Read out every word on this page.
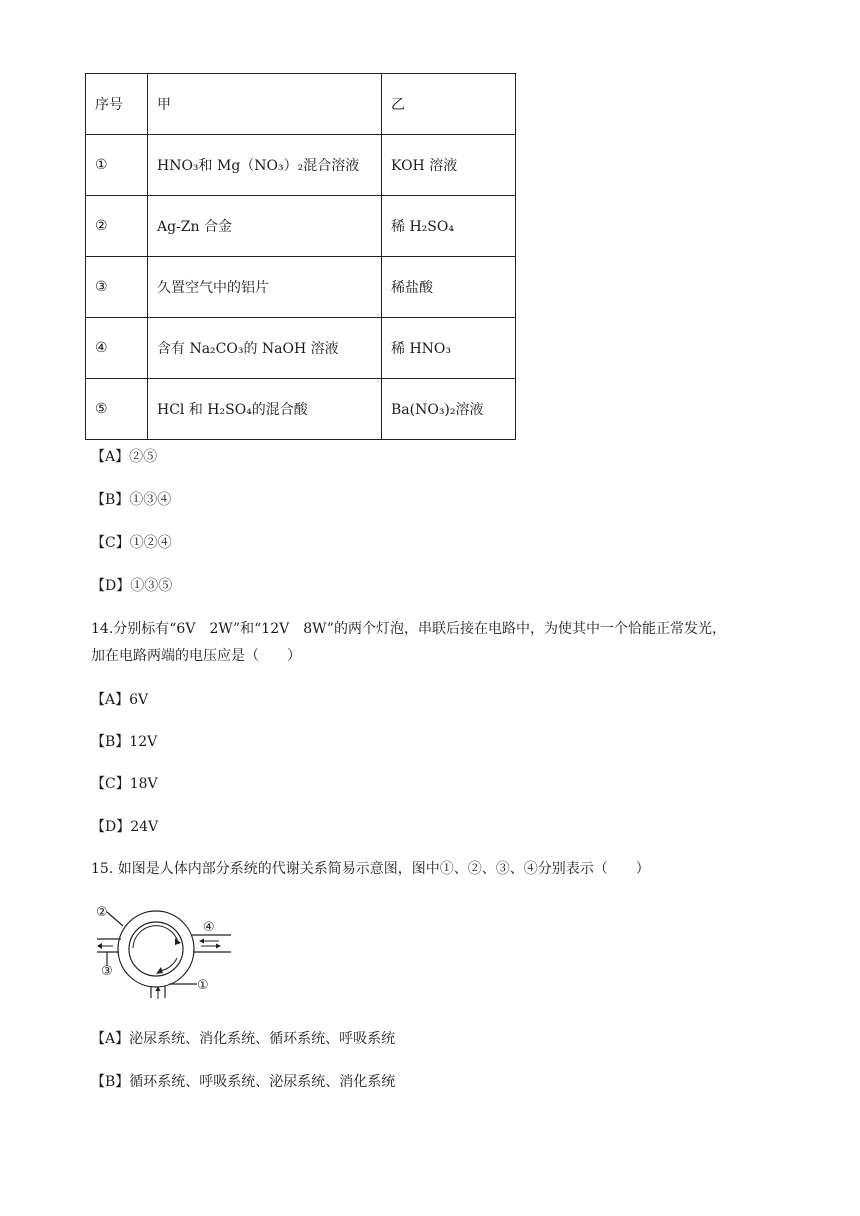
序号	甲	乙
①	HNO₃和 Mg（NO₃）₂混合溶液	KOH 溶液
②	Ag-Zn 合金	稀 H₂SO₄
③	久置空气中的铝片	稀盐酸
④	含有 Na₂CO₃的 NaOH 溶液	稀 HNO₃
⑤	HCl 和 H₂SO₄的混合酸	Ba(NO₃)₂溶液
【A】②⑤
【B】①③④
【C】①②④
【D】①③⑤
14.分别标有“6V　2W”和“12V　8W”的两个灯泡，串联后接在电路中，为使其中一个恰能正常发光，
加在电路两端的电压应是（　　）
【A】6V
【B】12V
【C】18V
【D】24V
15. 如图是人体内部分系统的代谢关系简易示意图，图中①、②、③、④分别表示（　　）
②
④
③
①
【A】泌尿系统、消化系统、循环系统、呼吸系统
【B】循环系统、呼吸系统、泌尿系统、消化系统
